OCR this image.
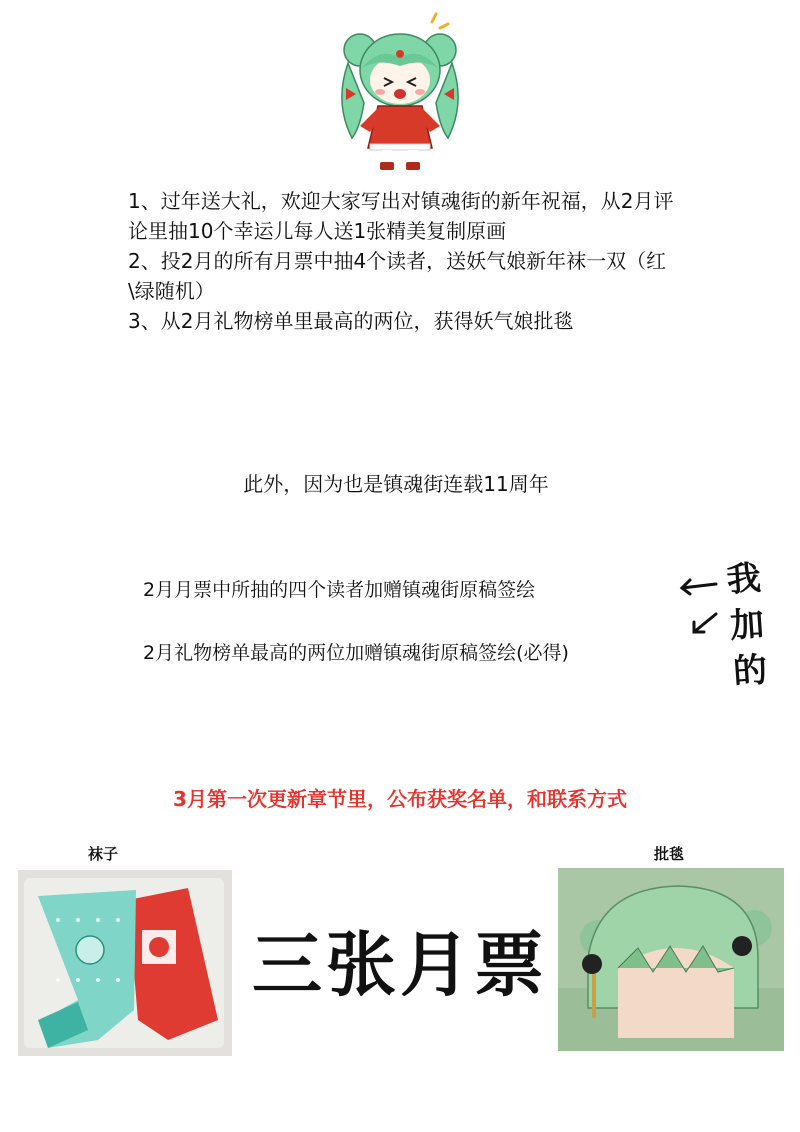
1、过年送大礼，欢迎大家写出对镇魂街的新年祝福，从2月评论里抽10个幸运儿每人送1张精美复制原画

2、投2月的所有月票中抽4个读者，送妖气娘新年袜一双（红\绿随机）

3、从2月礼物榜单里最高的两位，获得妖气娘批毯

此外，因为也是镇魂街连载11周年
2月月票中所抽的四个读者加赠镇魂街原稿签绘
2月礼物榜单最高的两位加赠镇魂街原稿签绘(必得)
我加的
3月第一次更新章节里，公布获奖名单，和联系方式
袜子
三张月票
批毯
